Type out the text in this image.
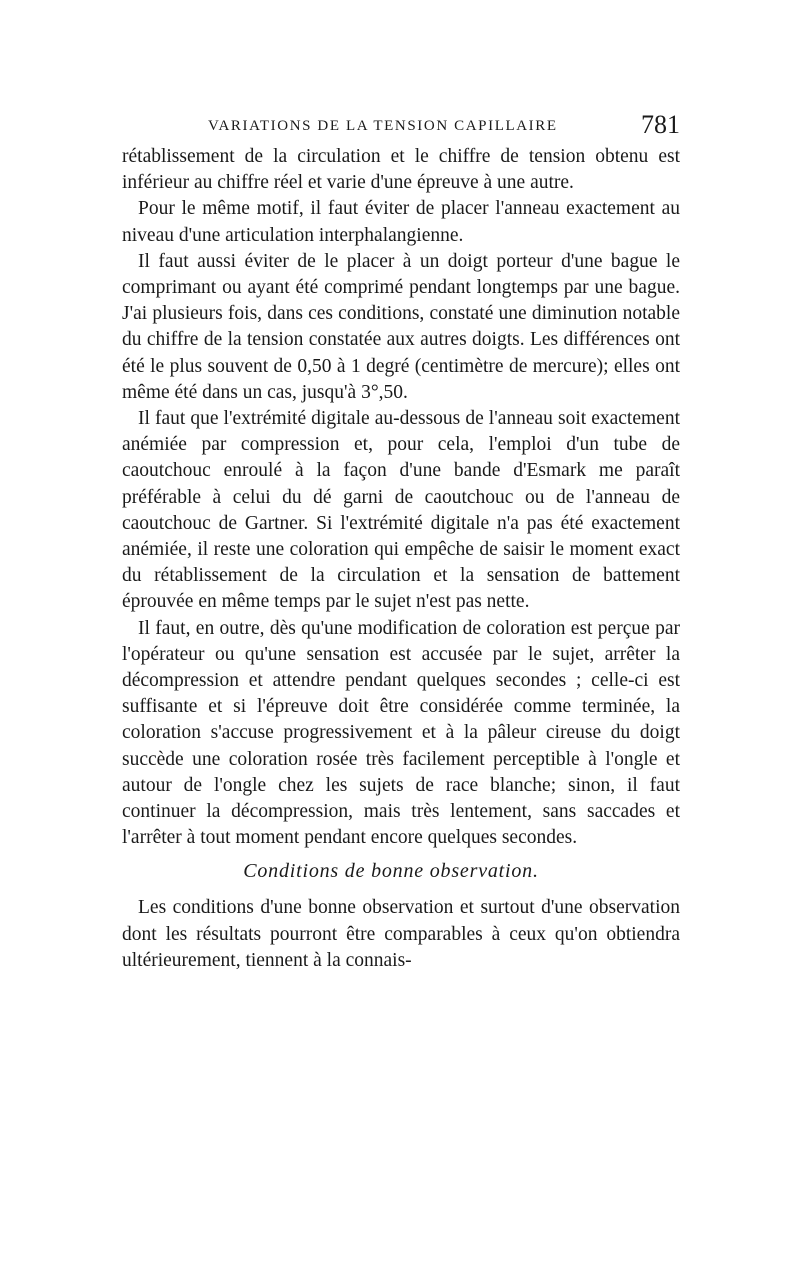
VARIATIONS DE LA TENSION CAPILLAIRE	781

rétablissement de la circulation et le chiffre de tension obtenu est inférieur au chiffre réel et varie d'une épreuve à une autre.

Pour le même motif, il faut éviter de placer l'anneau exactement au niveau d'une articulation interphalangienne.

Il faut aussi éviter de le placer à un doigt porteur d'une bague le comprimant ou ayant été comprimé pendant longtemps par une bague. J'ai plusieurs fois, dans ces conditions, constaté une diminution notable du chiffre de la tension constatée aux autres doigts. Les différences ont été le plus souvent de 0,50 à 1 degré (centimètre de mercure); elles ont même été dans un cas, jusqu'à 3°,50.

Il faut que l'extrémité digitale au-dessous de l'anneau soit exactement anémiée par compression et, pour cela, l'emploi d'un tube de caoutchouc enroulé à la façon d'une bande d'Esmark me paraît préférable à celui du dé garni de caoutchouc ou de l'anneau de caoutchouc de Gartner. Si l'extrémité digitale n'a pas été exactement anémiée, il reste une coloration qui empêche de saisir le moment exact du rétablissement de la circulation et la sensation de battement éprouvée en même temps par le sujet n'est pas nette.

Il faut, en outre, dès qu'une modification de coloration est perçue par l'opérateur ou qu'une sensation est accusée par le sujet, arrêter la décompression et attendre pendant quelques secondes ; celle-ci est suffisante et si l'épreuve doit être considérée comme terminée, la coloration s'accuse progressivement et à la pâleur cireuse du doigt succède une coloration rosée très facilement perceptible à l'ongle et autour de l'ongle chez les sujets de race blanche; sinon, il faut continuer la décompression, mais très lentement, sans saccades et l'arrêter à tout moment pendant encore quelques secondes.

Conditions de bonne observation.

Les conditions d'une bonne observation et surtout d'une observation dont les résultats pourront être comparables à ceux qu'on obtiendra ultérieurement, tiennent à la connais-
